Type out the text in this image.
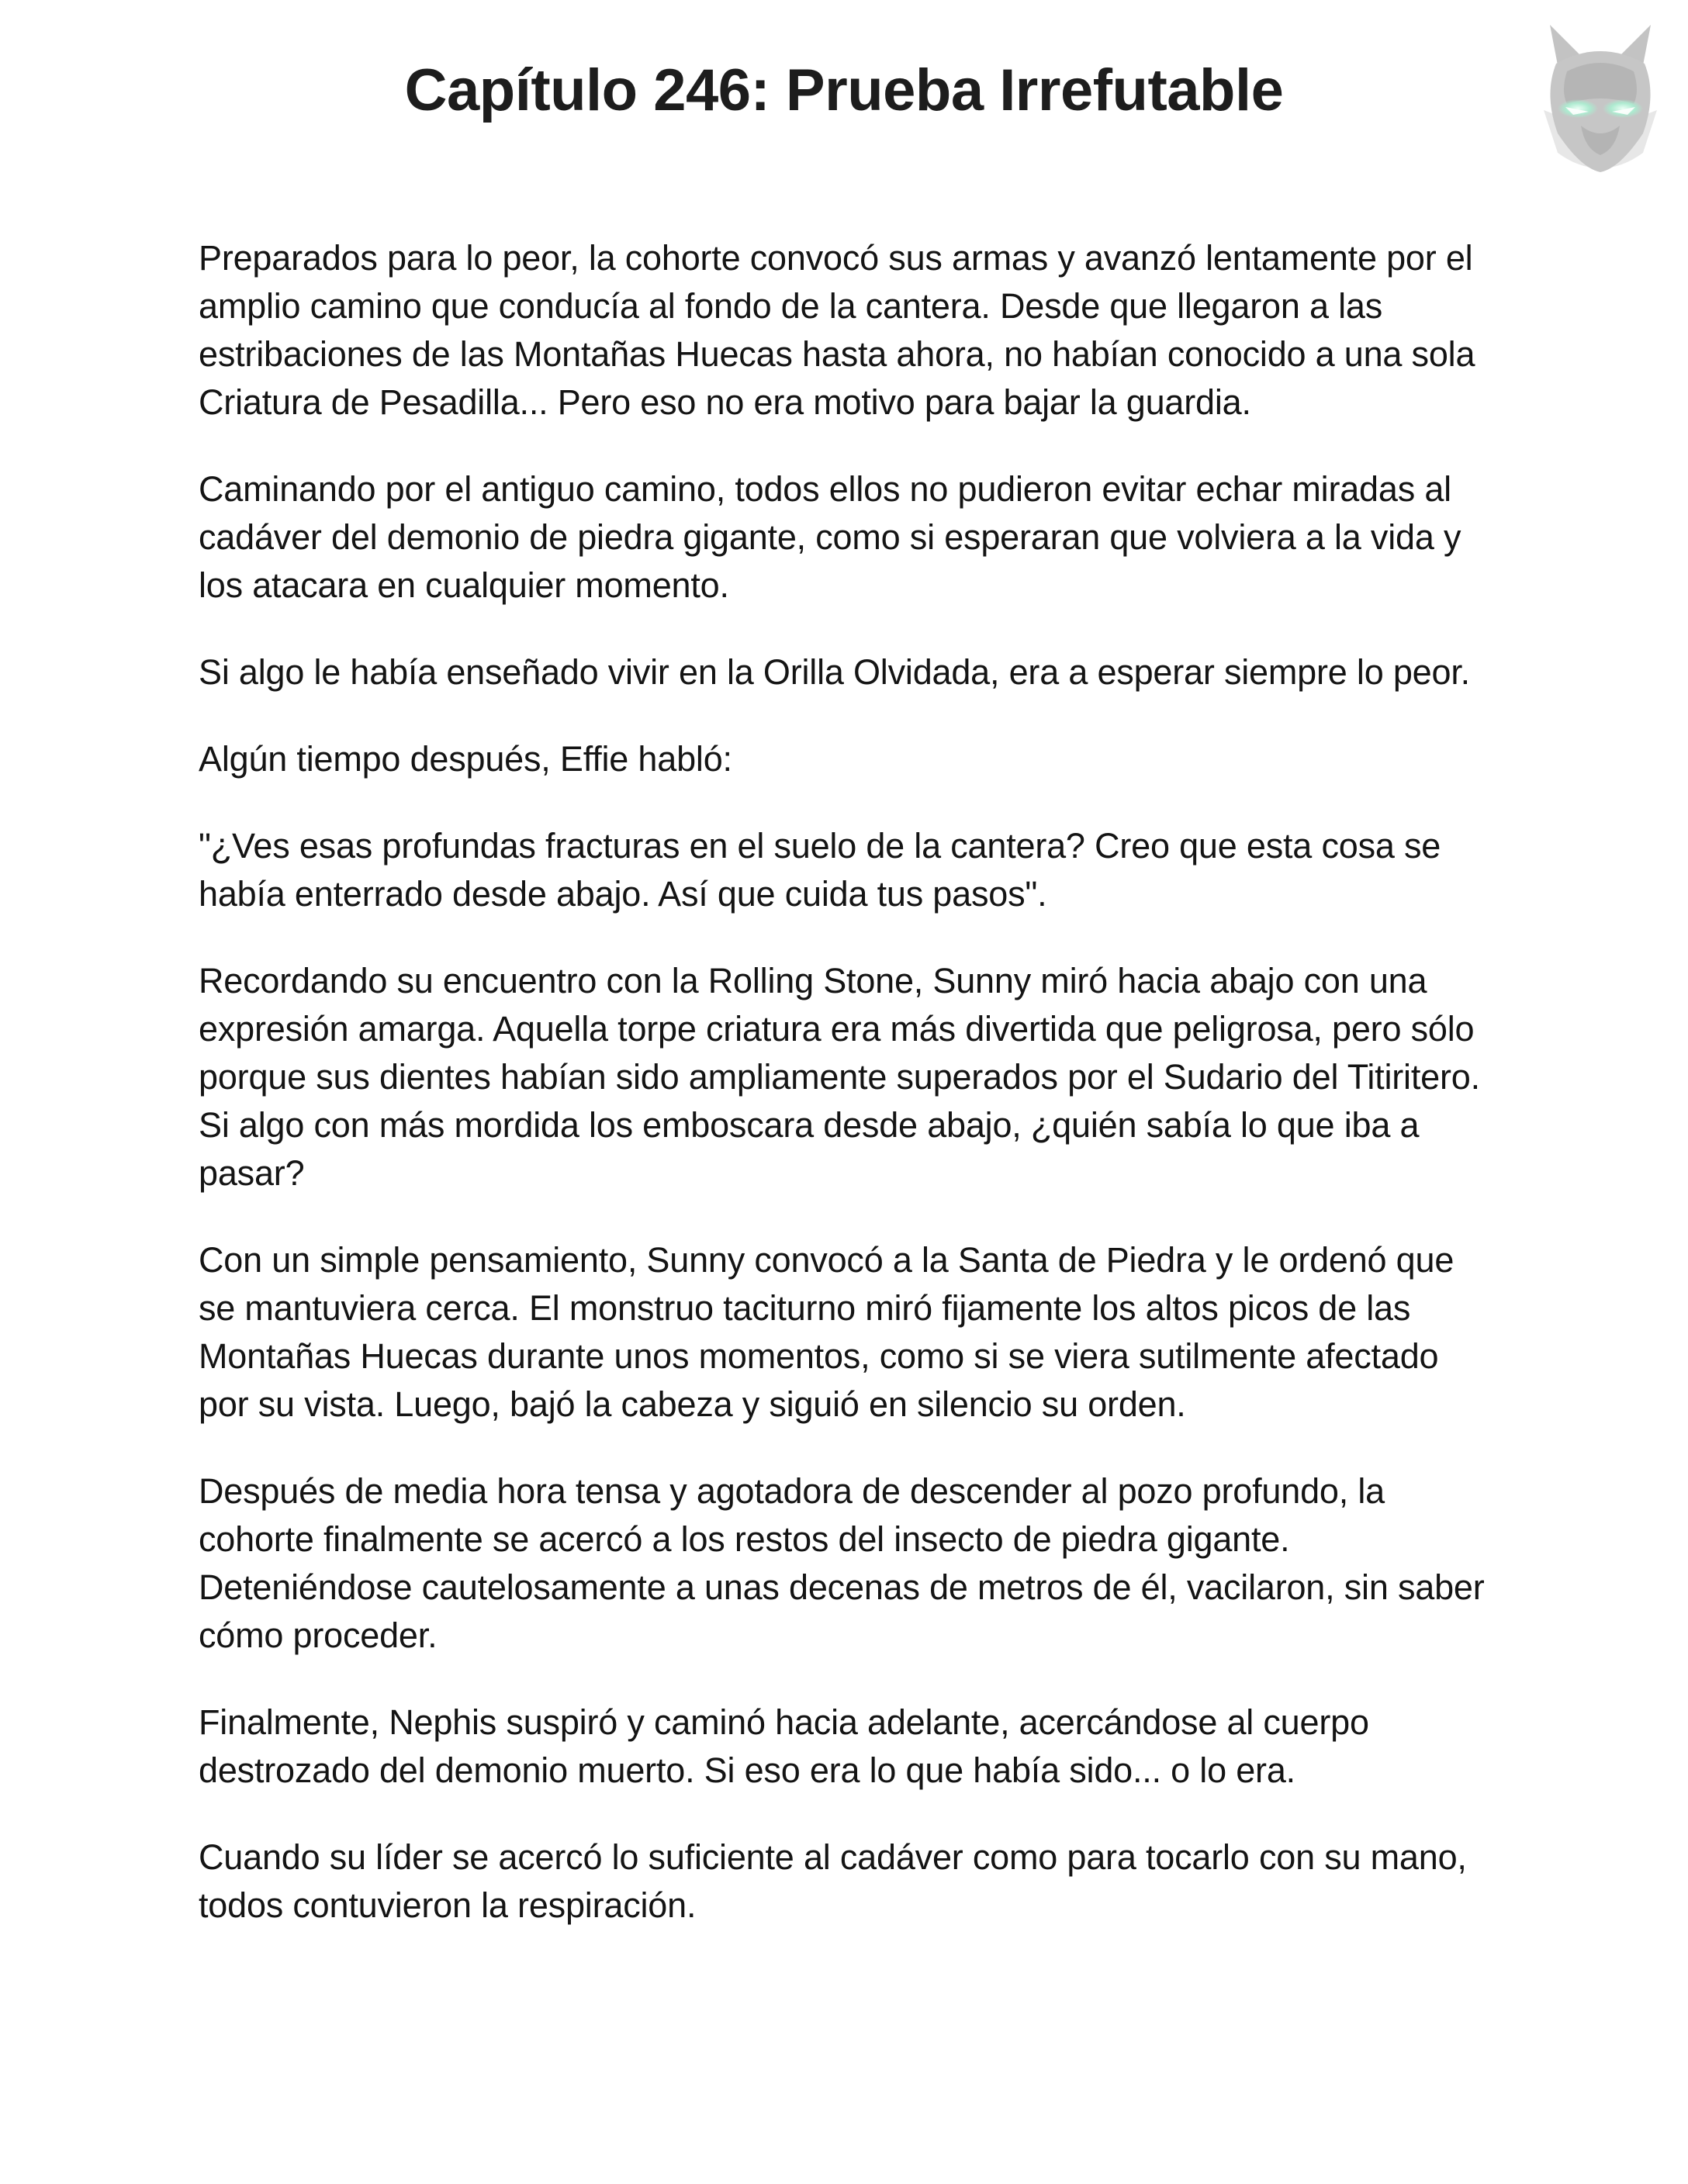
Capítulo 246: Prueba Irrefutable

Preparados para lo peor, la cohorte convocó sus armas y avanzó lentamente por el amplio camino que conducía al fondo de la cantera. Desde que llegaron a las estribaciones de las Montañas Huecas hasta ahora, no habían conocido a una sola Criatura de Pesadilla... Pero eso no era motivo para bajar la guardia.

Caminando por el antiguo camino, todos ellos no pudieron evitar echar miradas al cadáver del demonio de piedra gigante, como si esperaran que volviera a la vida y los atacara en cualquier momento.

Si algo le había enseñado vivir en la Orilla Olvidada, era a esperar siempre lo peor.

Algún tiempo después, Effie habló:

"¿Ves esas profundas fracturas en el suelo de la cantera? Creo que esta cosa se había enterrado desde abajo. Así que cuida tus pasos".

Recordando su encuentro con la Rolling Stone, Sunny miró hacia abajo con una expresión amarga. Aquella torpe criatura era más divertida que peligrosa, pero sólo porque sus dientes habían sido ampliamente superados por el Sudario del Titiritero. Si algo con más mordida los emboscara desde abajo, ¿quién sabía lo que iba a pasar?

Con un simple pensamiento, Sunny convocó a la Santa de Piedra y le ordenó que se mantuviera cerca. El monstruo taciturno miró fijamente los altos picos de las Montañas Huecas durante unos momentos, como si se viera sutilmente afectado por su vista. Luego, bajó la cabeza y siguió en silencio su orden.

Después de media hora tensa y agotadora de descender al pozo profundo, la cohorte finalmente se acercó a los restos del insecto de piedra gigante. Deteniéndose cautelosamente a unas decenas de metros de él, vacilaron, sin saber cómo proceder.

Finalmente, Nephis suspiró y caminó hacia adelante, acercándose al cuerpo destrozado del demonio muerto. Si eso era lo que había sido... o lo era.

Cuando su líder se acercó lo suficiente al cadáver como para tocarlo con su mano, todos contuvieron la respiración.
